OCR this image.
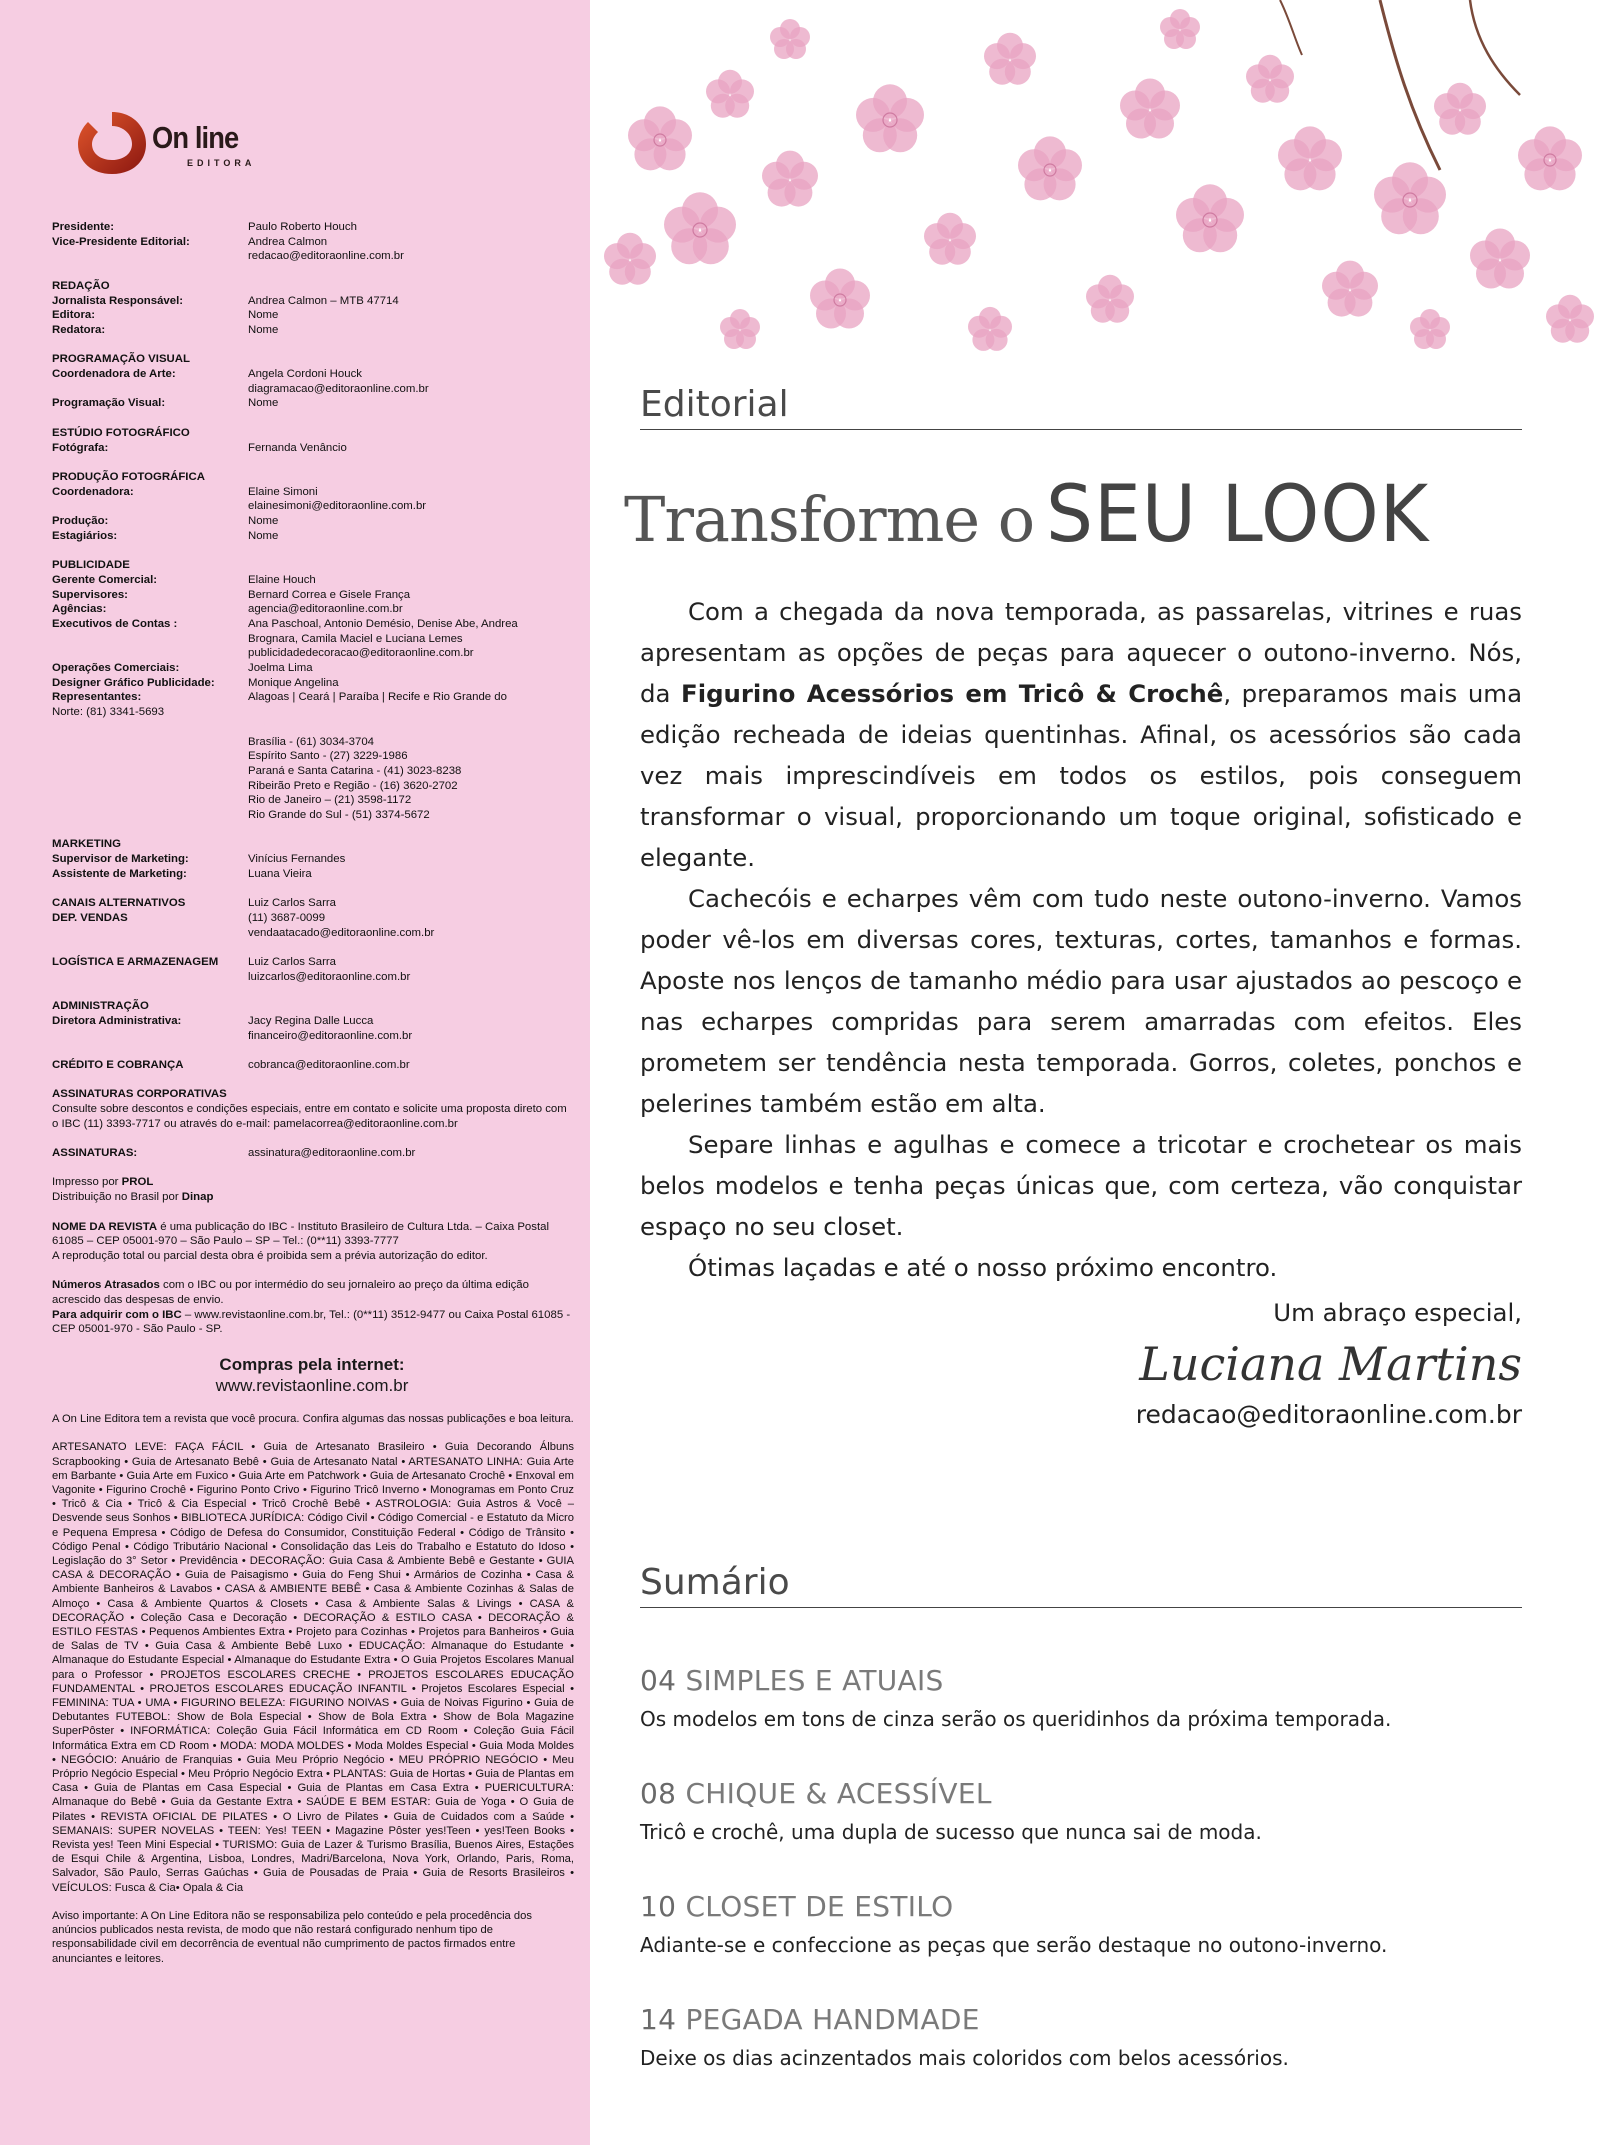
On line
EDITORA
Presidente:	Paulo Roberto Houch
Vice-Presidente Editorial:	Andrea Calmon
redacao@editoraonline.com.br
REDAÇÃO
Jornalista Responsável:	Andrea Calmon – MTB 47714
Editora:	Nome
Redatora:	Nome
PROGRAMAÇÃO VISUAL
Coordenadora de Arte:	Angela Cordoni Houck
diagramacao@editoraonline.com.br
Programação Visual:	Nome
ESTÚDIO FOTOGRÁFICO
Fotógrafa:	Fernanda Venâncio
PRODUÇÃO FOTOGRÁFICA
Coordenadora:	Elaine Simoni
elainesimoni@editoraonline.com.br
Produção:	Nome
Estagiários:	Nome
PUBLICIDADE
Gerente Comercial:	Elaine Houch
Supervisores:	Bernard Correa e Gisele França
Agências:	agencia@editoraonline.com.br
Executivos de Contas :	Ana Paschoal, Antonio Demésio, Denise Abe, Andrea
Brognara, Camila Maciel e Luciana Lemes
publicidadedecoracao@editoraonline.com.br
Operações Comerciais:	Joelma Lima
Designer Gráfico Publicidade:	Monique Angelina
Representantes:	Alagoas | Ceará | Paraíba | Recife e Rio Grande do
Norte: (81) 3341-5693
Brasília - (61) 3034-3704
Espírito Santo - (27) 3229-1986
Paraná e Santa Catarina - (41) 3023-8238
Ribeirão Preto e Região - (16) 3620-2702
Rio de Janeiro – (21) 3598-1172
Rio Grande do Sul - (51) 3374-5672
MARKETING
Supervisor de Marketing:	Vinícius Fernandes
Assistente de Marketing:	Luana Vieira
CANAIS ALTERNATIVOS	Luiz Carlos Sarra
DEP. VENDAS	(11) 3687-0099
vendaatacado@editoraonline.com.br
LOGÍSTICA E ARMAZENAGEM	Luiz Carlos Sarra
luizcarlos@editoraonline.com.br
ADMINISTRAÇÃO
Diretora Administrativa:	Jacy Regina Dalle Lucca
financeiro@editoraonline.com.br
CRÉDITO E COBRANÇA	cobranca@editoraonline.com.br
ASSINATURAS CORPORATIVAS
Consulte sobre descontos e condições especiais, entre em contato e solicite uma proposta direto com o IBC (11) 3393-7717 ou através do e-mail: pamelacorrea@editoraonline.com.br
ASSINATURAS:	assinatura@editoraonline.com.br
Impresso por PROL
Distribuição no Brasil por Dinap
NOME DA REVISTA é uma publicação do IBC - Instituto Brasileiro de Cultura Ltda. – Caixa Postal 61085 – CEP 05001-970 – São Paulo – SP – Tel.: (0**11) 3393-7777
A reprodução total ou parcial desta obra é proibida sem a prévia autorização do editor.
Números Atrasados com o IBC ou por intermédio do seu jornaleiro ao preço da última edição acrescido das despesas de envio.
Para adquirir com o IBC – www.revistaonline.com.br, Tel.: (0**11) 3512-9477 ou Caixa Postal 61085 - CEP 05001-970 - São Paulo - SP.
Compras pela internet:
www.revistaonline.com.br
A On Line Editora tem a revista que você procura. Confira algumas das nossas publicações e boa leitura.
ARTESANATO LEVE: FAÇA FÁCIL • Guia de Artesanato Brasileiro • Guia Decorando Álbuns Scrapbooking • Guia de Artesanato Bebê • Guia de Artesanato Natal • ARTESANATO LINHA: Guia Arte em Barbante • Guia Arte em Fuxico • Guia Arte em Patchwork • Guia de Artesanato Crochê • Enxoval em Vagonite • Figurino Crochê • Figurino Ponto Crivo • Figurino Tricô Inverno • Monogramas em Ponto Cruz • Tricô & Cia • Tricô & Cia Especial • Tricô Crochê Bebê • ASTROLOGIA: Guia Astros & Você – Desvende seus Sonhos • BIBLIOTECA JURÍDICA: Código Civil • Código Comercial - e Estatuto da Micro e Pequena Empresa • Código de Defesa do Consumidor, Constituição Federal • Código de Trânsito • Código Penal • Código Tributário Nacional • Consolidação das Leis do Trabalho e Estatuto do Idoso • Legislação do 3° Setor • Previdência • DECORAÇÃO: Guia Casa & Ambiente Bebê e Gestante • GUIA CASA & DECORAÇÃO • Guia de Paisagismo • Guia do Feng Shui • Armários de Cozinha • Casa & Ambiente Banheiros & Lavabos • CASA & AMBIENTE BEBÊ • Casa & Ambiente Cozinhas & Salas de Almoço • Casa & Ambiente Quartos & Closets • Casa & Ambiente Salas & Livings • CASA & DECORAÇÃO • Coleção Casa e Decoração • DECORAÇÃO & ESTILO CASA • DECORAÇÃO & ESTILO FESTAS • Pequenos Ambientes Extra • Projeto para Cozinhas • Projetos para Banheiros • Guia de Salas de TV • Guia Casa & Ambiente Bebê Luxo • EDUCAÇÃO: Almanaque do Estudante • Almanaque do Estudante Especial • Almanaque do Estudante Extra • O Guia Projetos Escolares Manual para o Professor • PROJETOS ESCOLARES CRECHE • PROJETOS ESCOLARES EDUCAÇÃO FUNDAMENTAL • PROJETOS ESCOLARES EDUCAÇÃO INFANTIL • Projetos Escolares Especial • FEMININA: TUA • UMA • FIGURINO BELEZA: FIGURINO NOIVAS • Guia de Noivas Figurino • Guia de Debutantes FUTEBOL: Show de Bola Especial • Show de Bola Extra • Show de Bola Magazine SuperPôster • INFORMÁTICA: Coleção Guia Fácil Informática em CD Room • Coleção Guia Fácil Informática Extra em CD Room • MODA: MODA MOLDES • Moda Moldes Especial • Guia Moda Moldes • NEGÓCIO: Anuário de Franquias • Guia Meu Próprio Negócio • MEU PRÓPRIO NEGÓCIO • Meu Próprio Negócio Especial • Meu Próprio Negócio Extra • PLANTAS: Guia de Hortas • Guia de Plantas em Casa • Guia de Plantas em Casa Especial • Guia de Plantas em Casa Extra • PUERICULTURA: Almanaque do Bebê • Guia da Gestante Extra • SAÚDE E BEM ESTAR: Guia de Yoga • O Guia de Pilates • REVISTA OFICIAL DE PILATES • O Livro de Pilates • Guia de Cuidados com a Saúde • SEMANAIS: SUPER NOVELAS • TEEN: Yes! TEEN • Magazine Pôster yes!Teen • yes!Teen Books • Revista yes! Teen Mini Especial • TURISMO: Guia de Lazer & Turismo Brasília, Buenos Aires, Estações de Esqui Chile & Argentina, Lisboa, Londres, Madri/Barcelona, Nova York, Orlando, Paris, Roma, Salvador, São Paulo, Serras Gaúchas • Guia de Pousadas de Praia • Guia de Resorts Brasileiros • VEÍCULOS: Fusca & Cia• Opala & Cia
Aviso importante: A On Line Editora não se responsabiliza pelo conteúdo e pela procedência dos anúncios publicados nesta revista, de modo que não restará configurado nenhum tipo de responsabilidade civil em decorrência de eventual não cumprimento de pactos firmados entre anunciantes e leitores.
Editorial
Transforme o SEU LOOK

Com a chegada da nova temporada, as passarelas, vitrines e ruas apresentam as opções de peças para aquecer o outono-inverno. Nós, da Figurino Acessórios em Tricô & Crochê, preparamos mais uma edição recheada de ideias quentinhas. Afinal, os acessórios são cada vez mais imprescindíveis em todos os estilos, pois conseguem transformar o visual, proporcionando um toque original, sofisticado e elegante.

Cachecóis e echarpes vêm com tudo neste outono-inverno. Vamos poder vê-los em diversas cores, texturas, cortes, tamanhos e formas. Aposte nos lenços de tamanho médio para usar ajustados ao pescoço e nas echarpes compridas para serem amarradas com efeitos. Eles prometem ser tendência nesta temporada. Gorros, coletes, ponchos e pelerines também estão em alta.

Separe linhas e agulhas e comece a tricotar e crochetear os mais belos modelos e tenha peças únicas que, com certeza, vão conquistar espaço no seu closet.

Ótimas laçadas e até o nosso próximo encontro.

Um abraço especial,
Luciana Martins
redacao@editoraonline.com.br
Sumário
04 SIMPLES E ATUAIS
Os modelos em tons de cinza serão os queridinhos da próxima temporada.
08 CHIQUE & ACESSÍVEL
Tricô e crochê, uma dupla de sucesso que nunca sai de moda.
10 CLOSET DE ESTILO
Adiante-se e confeccione as peças que serão destaque no outono-inverno.
14 PEGADA HANDMADE
Deixe os dias acinzentados mais coloridos com belos acessórios.
